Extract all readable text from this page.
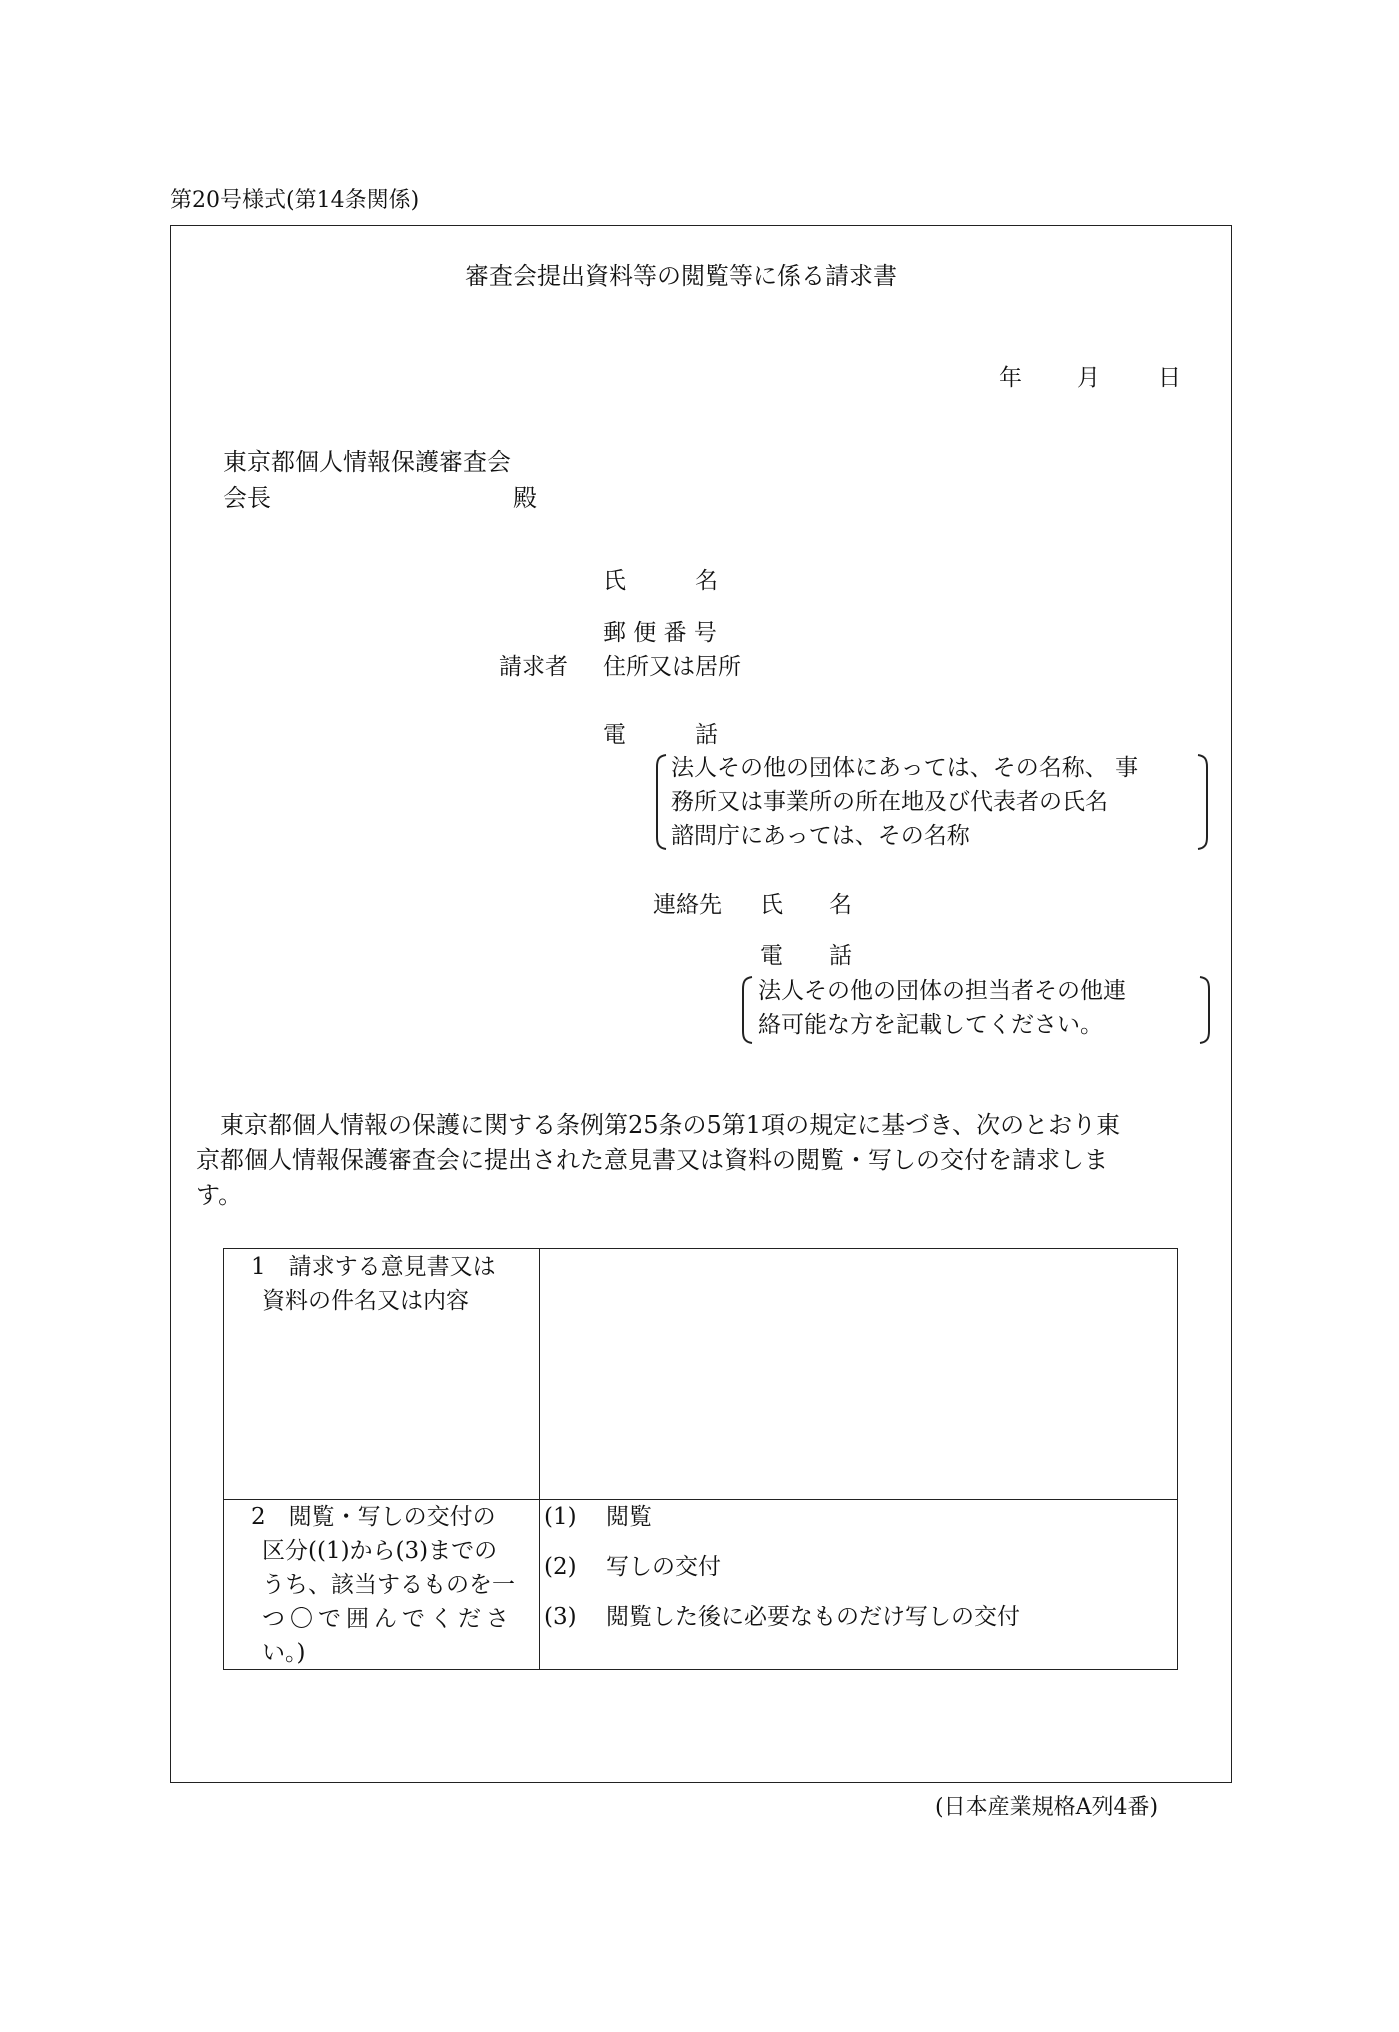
第20号様式(第14条関係)
審査会提出資料等の閲覧等に係る請求書
年 月	日
東京都個人情報保護審査会
会長	殿
氏　　　名
郵 便 番 号
請求者 住所又は居所
電　　　話
法人その他の団体にあっては、その名称、 事
務所又は事業所の所在地及び代表者の氏名
諮問庁にあっては、その名称
連絡先 氏　　名
電　　話
法人その他の団体の担当者その他連
絡可能な方を記載してください。
　東京都個人情報の保護に関する条例第25条の5第1項の規定に基づき、次のとおり東
京都個人情報保護審査会に提出された意見書又は資料の閲覧・写しの交付を請求しま
す。
1　請求する意見書又は
資料の件名又は内容
2　閲覧・写しの交付の
区分((1)から(3)までの
うち、該当するものを一
つ〇で囲んでくださ
い。)
(1) 閲覧
(2) 写しの交付
(3) 閲覧した後に必要なものだけ写しの交付
(日本産業規格A列4番)
